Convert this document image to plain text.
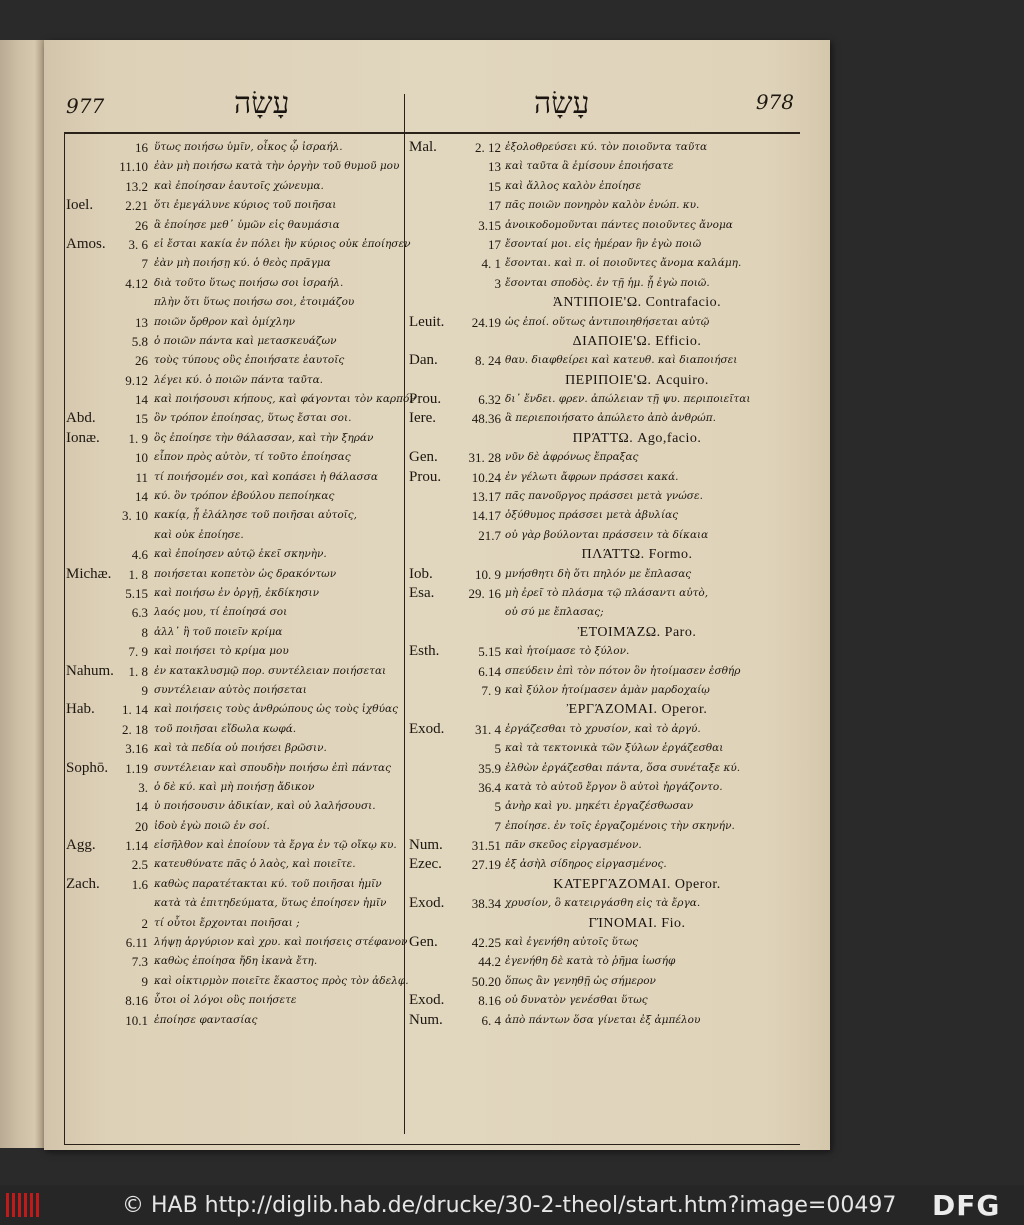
977	עָשָׂה	עָשָׂה	978
16 ὕτως ποιήσω ὑμῖν, οἶκος ᾧ ἰσραήλ.
11.10 ἐὰν μὴ ποιήσω κατὰ τὴν ὀργὴν τοῦ θυμοῦ μου
13.2 καὶ ἐποίησαν ἑαυτοῖς χώνευμα.
Ioel.	2.21 ὅτι ἐμεγάλυνε κύριος τοῦ ποιῆσαι
26 ἃ ἐποίησε μεθ᾽ ὑμῶν εἰς θαυμάσια
Amos.	3. 6 εἰ ἔσται κακία ἐν πόλει ἣν κύριος οὐκ ἐποίησεν
7 ἐὰν μὴ ποιήσῃ κύ. ὁ θεὸς πρᾶγμα
4.12 διὰ τοῦτο ὕτως ποιήσω σοι ἰσραήλ.
πλὴν ὅτι ὕτως ποιήσω σοι, ἑτοιμάζου
13 ποιῶν ὄρθρον καὶ ὁμίχλην
5.8 ὁ ποιῶν πάντα καὶ μετασκευάζων
26 τοὺς τύπους οὓς ἐποιήσατε ἑαυτοῖς
9.12 λέγει κύ. ὁ ποιῶν πάντα ταῦτα.
14 καὶ ποιήσουσι κήπους, καὶ φάγονται τὸν καρπόν
Abd.	15 ὃν τρόπον ἐποίησας, ὕτως ἔσται σοι.
Ionæ.	1. 9 ὃς ἐποίησε τὴν θάλασσαν, καὶ τὴν ξηράν
10 εἶπον πρὸς αὐτὸν, τί τοῦτο ἐποίησας
11 τί ποιήσομέν σοι, καὶ κοπάσει ἡ θάλασσα
14 κύ. ὃν τρόπον ἐβούλου πεποίηκας
3. 10 κακίᾳ, ᾗ ἐλάλησε τοῦ ποιῆσαι αὐτοῖς,
καὶ οὐκ ἐποίησε.
4.6 καὶ ἐποίησεν αὐτῷ ἐκεῖ σκηνὴν.
Michæ.	1. 8 ποιήσεται κοπετὸν ὡς δρακόντων
5.15 καὶ ποιήσω ἐν ὀργῇ, ἐκδίκησιν
6.3 λαός μου, τί ἐποίησά σοι
8 ἀλλ᾽ ἢ τοῦ ποιεῖν κρίμα
7. 9 καὶ ποιήσει τὸ κρίμα μου
Nahum.	1. 8 ἐν κατακλυσμῷ πορ. συντέλειαν ποιήσεται
9 συντέλειαν αὐτὸς ποιήσεται
Hab.	1. 14 καὶ ποιήσεις τοὺς ἀνθρώπους ὡς τοὺς ἰχθύας
2. 18 τοῦ ποιῆσαι εἴδωλα κωφά.
3.16 καὶ τὰ πεδία οὐ ποιήσει βρῶσιν.
Sophō.	1.19 συντέλειαν καὶ σπουδὴν ποιήσω ἐπὶ πάντας
3. ὁ δὲ κύ. καὶ μὴ ποιήσῃ ἄδικον
14 ὑ ποιήσουσιν ἀδικίαν, καὶ οὐ λαλήσουσι.
20 ἰδοὺ ἐγὼ ποιῶ ἐν σοί.
Agg.	1.14 εἰσῆλθον καὶ ἐποίουν τὰ ἔργα ἐν τῷ οἴκῳ κυ.
2.5 κατευθύνατε πᾶς ὁ λαὸς, καὶ ποιεῖτε.
Zach.	1.6 καθὼς παρατέτακται κύ. τοῦ ποιῆσαι ἡμῖν
κατὰ τὰ ἐπιτηδεύματα, ὕτως ἐποίησεν ἡμῖν
2 τί οὗτοι ἔρχονται ποιῆσαι ;
6.11 λήψῃ ἀργύριον καὶ χρυ. καὶ ποιήσεις στέφανον
7.3 καθὼς ἐποίησα ἤδη ἱκανὰ ἔτη.
9 καὶ οἰκτιρμὸν ποιεῖτε ἕκαστος πρὸς τὸν ἀδελφ.
8.16 ὗτοι οἱ λόγοι οὓς ποιήσετε
10.1 ἐποίησε φαντασίας
Mal.	2. 12 ἐξολοθρεύσει κύ. τὸν ποιοῦντα ταῦτα
13 καὶ ταῦτα ἃ ἐμίσουν ἐποιήσατε
15 καὶ ἄλλος καλὸν ἐποίησε
17 πᾶς ποιῶν πονηρὸν καλὸν ἐνώπ. κυ.
3.15 ἀνοικοδομοῦνται πάντες ποιοῦντες ἄνομα
17 ἔσονταί μοι. εἰς ἡμέραν ἣν ἐγὼ ποιῶ
4. 1 ἔσονται. καὶ π. οἱ ποιοῦντες ἄνομα καλάμη.
3 ἔσονται σποδὸς. ἐν τῇ ἡμ. ᾗ ἐγὼ ποιῶ.
ἈΝΤΙΠΟΙΕ'Ω. Contrafacio.
Leuit.	24.19 ὡς ἐποί. οὕτως ἀντιποιηθήσεται αὐτῷ
ΔΙΑΠΟΙΕ'Ω. Efficio.
Dan.	8. 24 θαυ. διαφθείρει καὶ κατευθ. καὶ διαποιήσει
ΠΕΡΙΠΟΙΕ'Ω. Acquiro.
Prou.	6.32 δι᾽ ἔνδει. φρεν. ἀπώλειαν τῇ ψυ. περιποιεῖται
Iere.	48.36 ἃ περιεποιήσατο ἀπώλετο ἀπὸ ἀνθρώπ.
ΠΡΆΤΤΩ. Ago,facio.
Gen.	31. 28 νῦν δὲ ἀφρόνως ἔπραξας
Prou.	10.24 ἐν γέλωτι ἄφρων πράσσει κακά.
13.17 πᾶς πανοῦργος πράσσει μετὰ γνώσε.
14.17 ὀξύθυμος πράσσει μετὰ ἀβυλίας
21.7 οὐ γὰρ βούλονται πράσσειν τὰ δίκαια
ΠΛΆΤΤΩ. Formo.
Iob.	10. 9 μνήσθητι δὴ ὅτι πηλόν με ἔπλασας
Esa.	29. 16 μὴ ἐρεῖ τὸ πλάσμα τῷ πλάσαντι αὐτὸ,
οὐ σύ με ἔπλασας;
ἘΤΟΙΜΆΖΩ. Paro.
Esth.	5.15 καὶ ἡτοίμασε τὸ ξύλον.
6.14 σπεύδειν ἐπὶ τὸν πότον ὃν ἡτοίμασεν ἐσθήρ
7. 9 καὶ ξύλον ἡτοίμασεν ἀμὰν μαρδοχαίῳ
ἘΡΓΆΖΟΜΑΙ. Operor.
Exod.	31. 4 ἐργάζεσθαι τὸ χρυσίον, καὶ τὸ ἀργύ.
5 καὶ τὰ τεκτονικὰ τῶν ξύλων ἐργάζεσθαι
35.9 ἐλθὼν ἐργάζεσθαι πάντα, ὅσα συνέταξε κύ.
36.4 κατὰ τὸ αὐτοῦ ἔργον ὃ αὐτοὶ ἠργάζοντο.
5 ἀνὴρ καὶ γυ. μηκέτι ἐργαζέσθωσαν
7 ἐποίησε. ἐν τοῖς ἐργαζομένοις τὴν σκηνήν.
Num.	31.51 πᾶν σκεῦος εἰργασμένον.
Ezec.	27.19 ἐξ ἀσὴλ σίδηρος εἰργασμένος.
ΚΑΤΕΡΓΆΖΟΜΑΙ. Operor.
Exod.	38.34 χρυσίον, ὃ κατειργάσθη εἰς τὰ ἔργα.
ΓΊΝΟΜΑΙ. Fio.
Gen.	42.25 καὶ ἐγενήθη αὐτοῖς ὕτως
44.2 ἐγενήθη δὲ κατὰ τὸ ῥῆμα ἰωσήφ
50.20 ὅπως ἂν γενηθῇ ὡς σήμερον
Exod.	8.16 οὐ δυνατὸν γενέσθαι ὕτως
Num.	6. 4 ἀπὸ πάντων ὅσα γίνεται ἐξ ἀμπέλου
© HAB http://diglib.hab.de/drucke/30-2-theol/start.htm?image=00497 DFG
